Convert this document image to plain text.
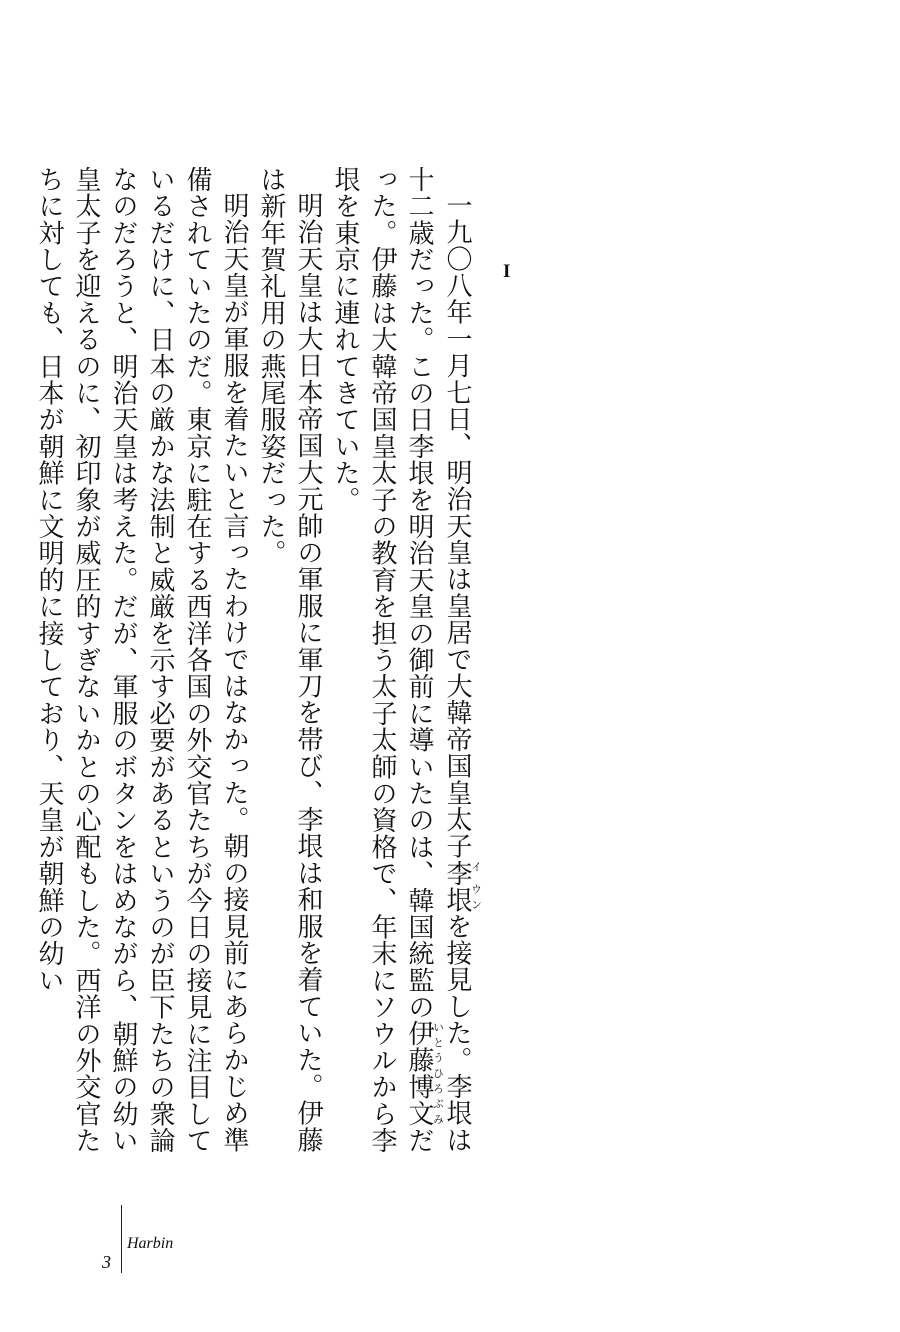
I

一九〇八年一月七日、明治天皇は皇居で大韓帝国皇太子李垠イ ウンを接見した。李垠は十二歳だった。この日李垠を明治天皇の御前に導いたのは、韓国統監の伊藤博文いとうひろぶみだった。伊藤は大韓帝国皇太子の教育を担う太子太師の資格で、年末にソウルから李垠を東京に連れてきていた。

明治天皇は大日本帝国大元帥の軍服に軍刀を帯び、李垠は和服を着ていた。伊藤は新年賀礼用の燕尾服姿だった。

明治天皇が軍服を着たいと言ったわけではなかった。朝の接見前にあらかじめ準備されていたのだ。東京に駐在する西洋各国の外交官たちが今日の接見に注目しているだけに、日本の厳かな法制と威厳を示す必要があるというのが臣下たちの衆論なのだろうと、明治天皇は考えた。だが、軍服のボタンをはめながら、朝鮮の幼い皇太子を迎えるのに、初印象が威圧的すぎないかとの心配もした。西洋の外交官たちに対しても、日本が朝鮮に文明的に接しており、天皇が朝鮮の幼い

3
Harbin
